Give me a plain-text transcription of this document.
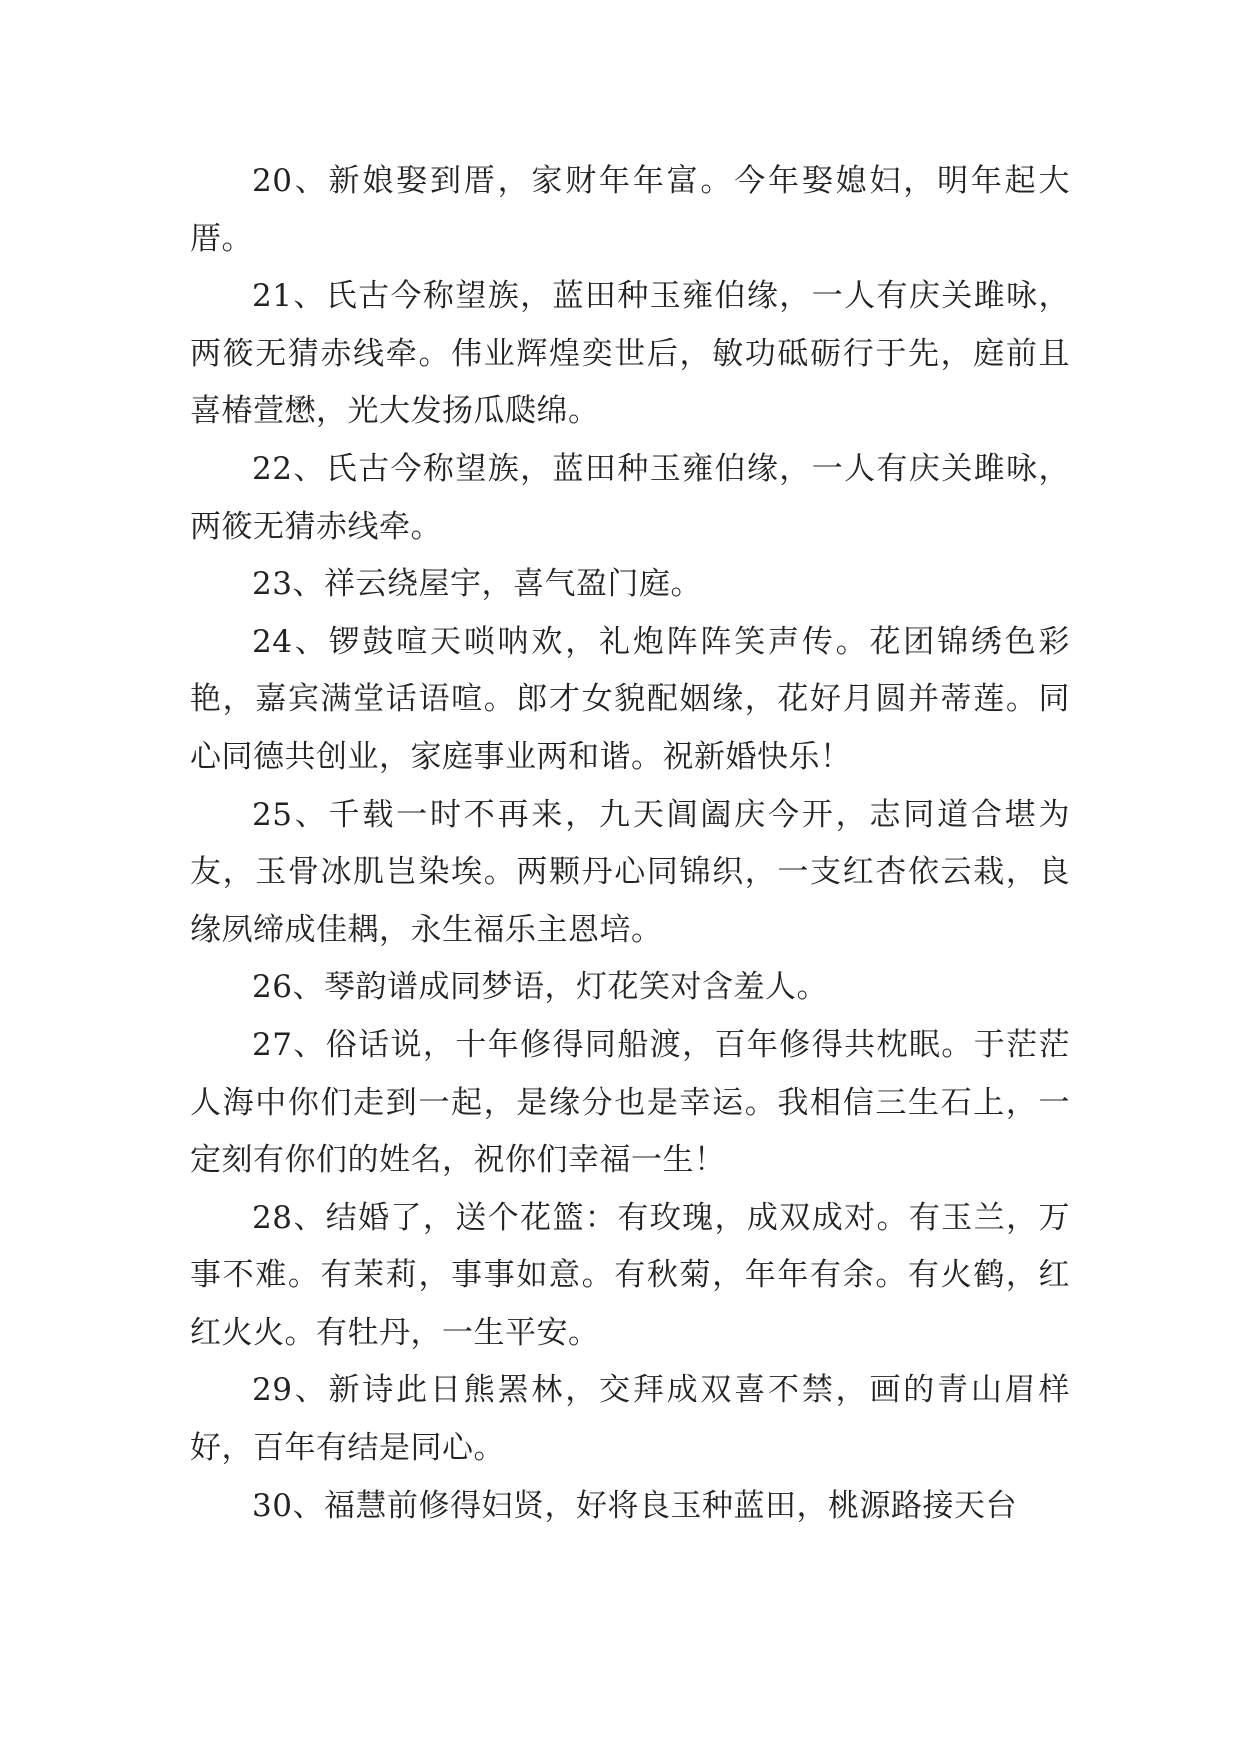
20、新娘娶到厝，家财年年富。今年娶媳妇，明年起大厝。

21、氏古今称望族，蓝田种玉雍伯缘，一人有庆关雎咏，两筱无猜赤线牵。伟业辉煌奕世后，敏功砥砺行于先，庭前且喜椿萱懋，光大发扬瓜瓞绵。

22、氏古今称望族，蓝田种玉雍伯缘，一人有庆关雎咏，两筱无猜赤线牵。

23、祥云绕屋宇，喜气盈门庭。

24、锣鼓喧天唢呐欢，礼炮阵阵笑声传。花团锦绣色彩艳，嘉宾满堂话语喧。郎才女貌配姻缘，花好月圆并蒂莲。同心同德共创业，家庭事业两和谐。祝新婚快乐！

25、千载一时不再来，九天阊阖庆今开，志同道合堪为友，玉骨冰肌岂染埃。两颗丹心同锦织，一支红杏依云栽，良缘夙缔成佳耦，永生福乐主恩培。

26、琴韵谱成同梦语，灯花笑对含羞人。

27、俗话说，十年修得同船渡，百年修得共枕眠。于茫茫人海中你们走到一起，是缘分也是幸运。我相信三生石上，一定刻有你们的姓名，祝你们幸福一生！

28、结婚了，送个花篮：有玫瑰，成双成对。有玉兰，万事不难。有茉莉，事事如意。有秋菊，年年有余。有火鹤，红红火火。有牡丹，一生平安。

29、新诗此日熊罴林，交拜成双喜不禁，画的青山眉样好，百年有结是同心。

30、福慧前修得妇贤，好将良玉种蓝田，桃源路接天台
